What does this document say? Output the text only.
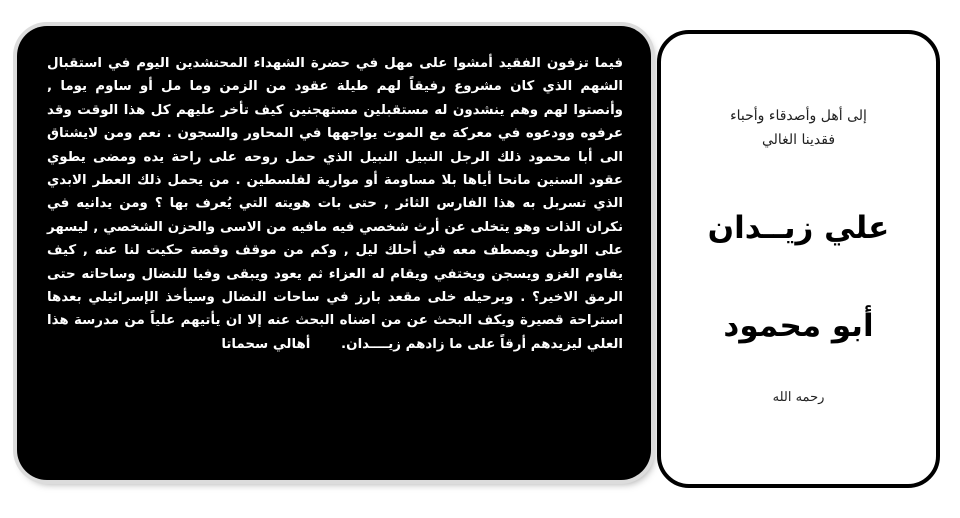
فيما تزفون الفقيد أمشوا على مهل في حضرة الشهداء المحتشدين اليوم في استقبال الشهم الذي كان مشروع رفيقاً لهم طيلة عقود من الزمن وما مل أو ساوم يوما , وأنصتوا لهم وهم ينشدون له مستقبلين مستهجنين كيف تأخر عليهم كل هذا الوقت وقد عرفوه وودعوه في معركة مع الموت يواجهها في المحاور والسجون . نعم ومن لايشتاق الى أبا محمود ذلك الرجل النبيل النبيل الذي حمل روحه على راحة يده ومضى يطوي عقود السنين مانحا أياها بلا مساومة أو موارية لفلسطين . من يحمل ذلك العطر الابدي الذي تسربل به هذا الفارس الثائر , حتى بات هويته التي يُعرف بها ؟ ومن يدانيه في نكران الذات وهو يتخلى عن أرث شخصي فيه مافيه من الاسى والحزن الشخصي , ليسهر على الوطن ويصطف معه في أحلك ليل , وكم من موقف وقصة حكيت لنا عنه , كيف يقاوم الغزو ويسجن ويختفي ويقام له العزاء ثم يعود ويبقى وفيا للنضال وساحاته حتى الرمق الاخير؟ . وبرحيله خلى مقعد بارز في ساحات النضال وسيأخذ الإسرائيلي بعدها استراحة قصيرة ويكف البحث عن من اضناه البحث عنه إلا ان يأتيهم علياً من مدرسة هذا العلي ليزيدهم أرقاً على ما زادهم زيــــدان. أهالي سحماتا

إلى أهل وأصدقاء وأحباء
فقدينا الغالي
علي زيــدان
أبو محمود
رحمه الله
